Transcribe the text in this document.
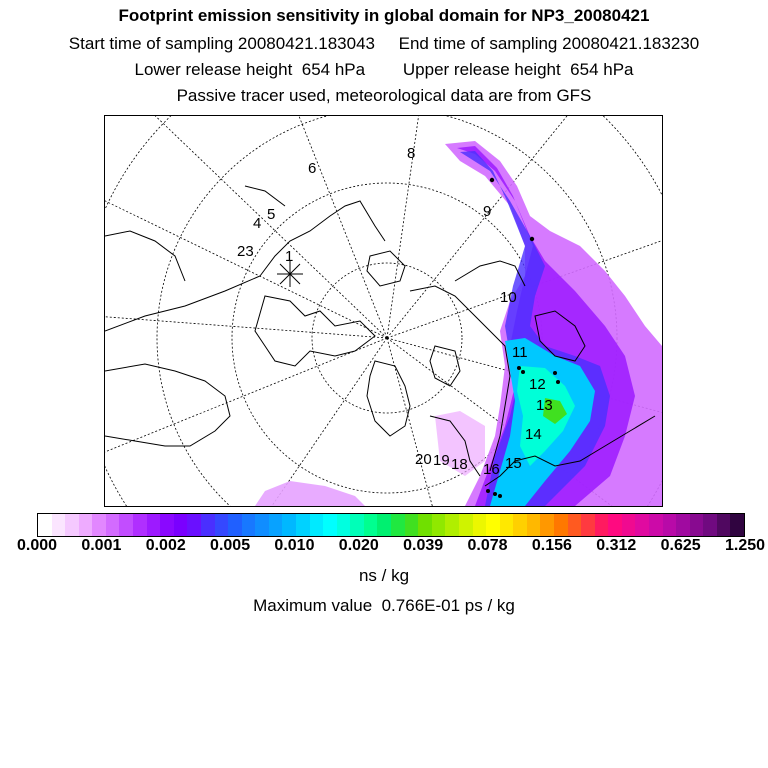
Footprint emission sensitivity in global domain for NP3_20080421
Start time of sampling 20080421.183043 End time of sampling 20080421.183230
Lower release height  654 hPa Upper release height  654 hPa
Passive tracer used, meteorological data are from GFS
1
23
4
5
6
8
9
10
11
12
13
14
15
16
18
19
20
0.000 0.001 0.002 0.005 0.010 0.020 0.039 0.078 0.156 0.312 0.625 1.250
ns / kg
Maximum value  0.766E-01 ps / kg
